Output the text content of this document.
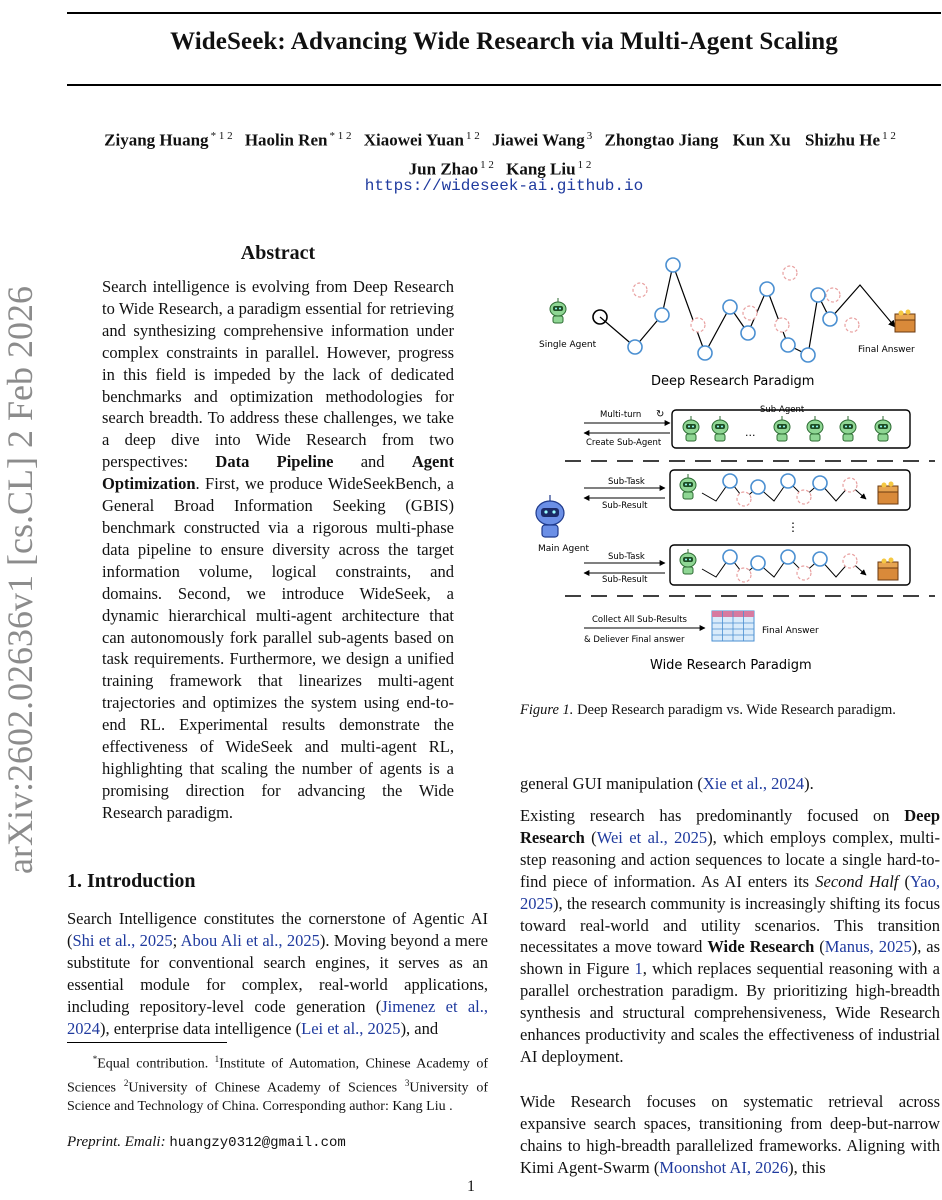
WideSeek: Advancing Wide Research via Multi-Agent Scaling
Ziyang Huang $^{* 1 2}$ Haolin Ren $^{* 1 2}$ Xiaowei Yuan $^{1 2}$ Jiawei Wang $^3$ Zhongtao Jiang Kun Xu Shizhu He $^{1 2}$
Jun Zhao $^{1 2}$ Kang Liu $^{1 2}$
https://wideseek-ai.github.io
arXiv:2602.02636v1 [cs.CL] 2 Feb 2026
Abstract
Search intelligence is evolving from Deep Research to Wide Research, a paradigm essential for retrieving and synthesizing comprehensive information under complex constraints in parallel. However, progress in this field is impeded by the lack of dedicated benchmarks and optimization methodologies for search breadth. To address these challenges, we take a deep dive into Wide Research from two perspectives: Data Pipeline and Agent Optimization. First, we produce WideSeekBench, a General Broad Information Seeking (GBIS) benchmark constructed via a rigorous multi-phase data pipeline to ensure diversity across the target information volume, logical constraints, and domains. Second, we introduce WideSeek, a dynamic hierarchical multi-agent architecture that can autonomously fork parallel sub-agents based on task requirements. Furthermore, we design a unified training framework that linearizes multi-agent trajectories and optimizes the system using end-to-end RL. Experimental results demonstrate the effectiveness of WideSeek and multi-agent RL, highlighting that scaling the number of agents is a promising direction for advancing the Wide Research paradigm.
1. Introduction
Search Intelligence constitutes the cornerstone of Agentic AI (Shi et al., 2025; Abou Ali et al., 2025). Moving beyond a mere substitute for conventional search engines, it serves as an essential module for complex, real-world applications, including repository-level code generation (Jimenez et al., 2024), enterprise data intelligence (Lei et al., 2025), and
*Equal contribution. $^1$Institute of Automation, Chinese Academy of Sciences $^2$University of Chinese Academy of Sciences $^3$University of Science and Technology of China. Corresponding author: Kang Liu .
Preprint. Emali: huangzy0312@gmail.com
1
Single Agent	Final Answer
Deep Research Paradigm
Multi-turn ↻
Create Sub-Agent
Sub-Agent
...
Main Agent
Sub-Task
Sub-Result
⋮
Sub-Task
Sub-Result
Collect All Sub-Results
& Deliever Final answer
Final Answer
Wide Research Paradigm
Figure 1. Deep Research paradigm vs. Wide Research paradigm.
general GUI manipulation (Xie et al., 2024).
Existing research has predominantly focused on Deep Research (Wei et al., 2025), which employs complex, multi-step reasoning and action sequences to locate a single hard-to-find piece of information. As AI enters its Second Half (Yao, 2025), the research community is increasingly shifting its focus toward real-world and utility scenarios. This transition necessitates a move toward Wide Research (Manus, 2025), as shown in Figure 1, which replaces sequential reasoning with a parallel orchestration paradigm. By prioritizing high-breadth synthesis and structural comprehensiveness, Wide Research enhances productivity and scales the effectiveness of industrial AI deployment.
Wide Research focuses on systematic retrieval across expansive search spaces, transitioning from deep-but-narrow chains to high-breadth parallelized frameworks. Aligning with Kimi Agent-Swarm (Moonshot AI, 2026), this
